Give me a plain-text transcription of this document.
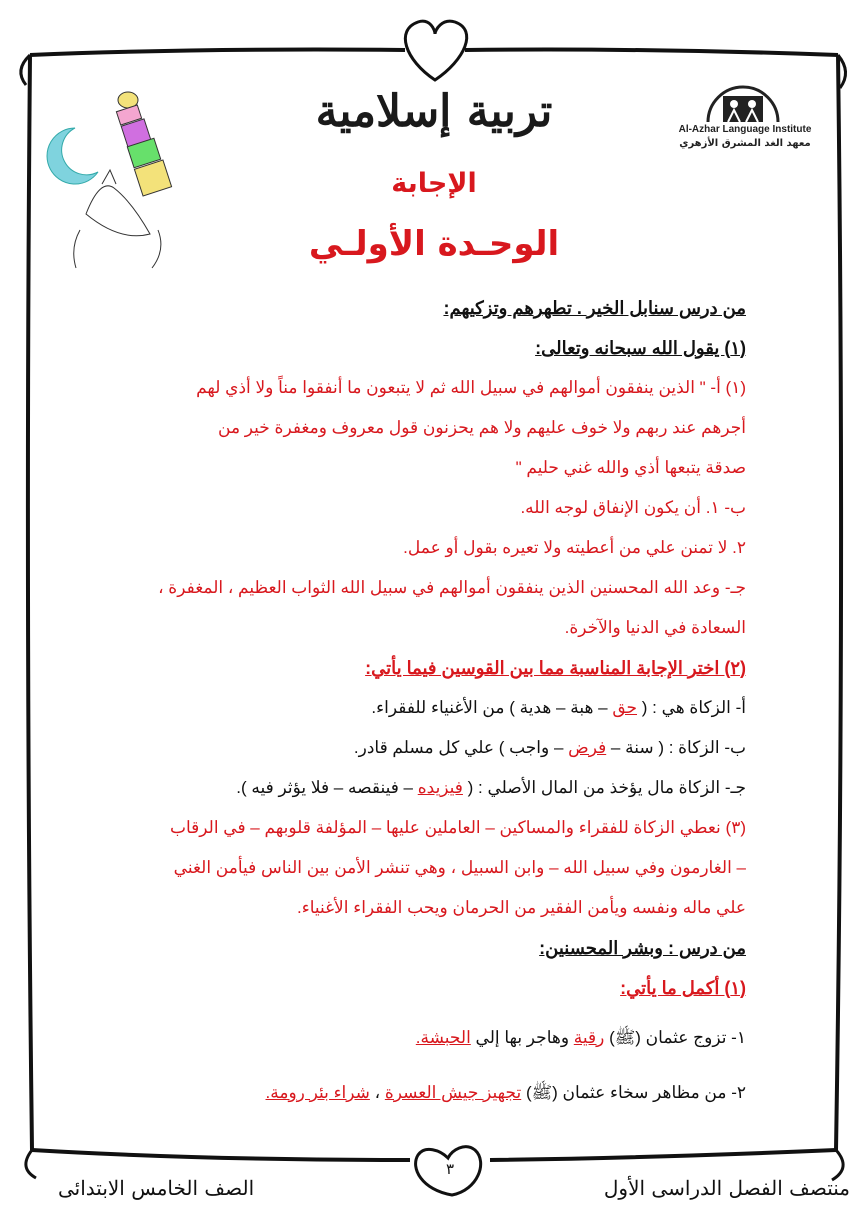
Al-Azhar Language Institute
معهد الغد المشرق الأزهري
تربية إسلامية
الإجابة
الوحـدة الأولـي
من درس سنابل الخير . تطهرهم وتزكيهم:
(١) يقول الله سبحانه وتعالى:
(١) أ- " الذين ينفقون أموالهم في سبيل الله ثم لا يتبعون ما أنفقوا مناً ولا أذي لهم
أجرهم عند ربهم ولا خوف عليهم ولا هم يحزنون قول معروف ومغفرة خير من
صدقة يتبعها أذي والله غني حليم "
ب- ١. أن يكون الإنفاق لوجه الله.
٢. لا تمنن علي من أعطيته ولا تعيره بقول أو عمل.
جـ- وعد الله المحسنين الذين ينفقون أموالهم في سبيل الله الثواب العظيم ، المغفرة ،
السعادة في الدنيا والآخرة.
(٢) اختر الإجابة المناسبة مما بين القوسين فيما يأتي:
أ- الزكاة هي : ( حق – هبة – هدية ) من الأغنياء للفقراء.
ب- الزكاة : ( سنة – فرض – واجب ) علي كل مسلم قادر.
جـ- الزكاة مال يؤخذ من المال الأصلي : ( فيزيده – فينقصه – فلا يؤثر فيه ).
(٣) نعطي الزكاة للفقراء والمساكين – العاملين عليها – المؤلفة قلوبهم – في الرقاب
– الغارمون وفي سبيل الله – وابن السبيل ، وهي تنشر الأمن بين الناس فيأمن الغني
علي ماله ونفسه ويأمن الفقير من الحرمان ويحب الفقراء الأغنياء.
من درس : وبشر المحسنين:
(١) أكمل ما يأتي:
١- تزوج عثمان (ﷺ) رقية وهاجر بها إلي الحبشة.
٢- من مظاهر سخاء عثمان (ﷺ) تجهيز جيش العسرة ، شراء بئر رومة.
٣
منتصف الفصل الدراسى الأول
الصف الخامس الابتدائى
